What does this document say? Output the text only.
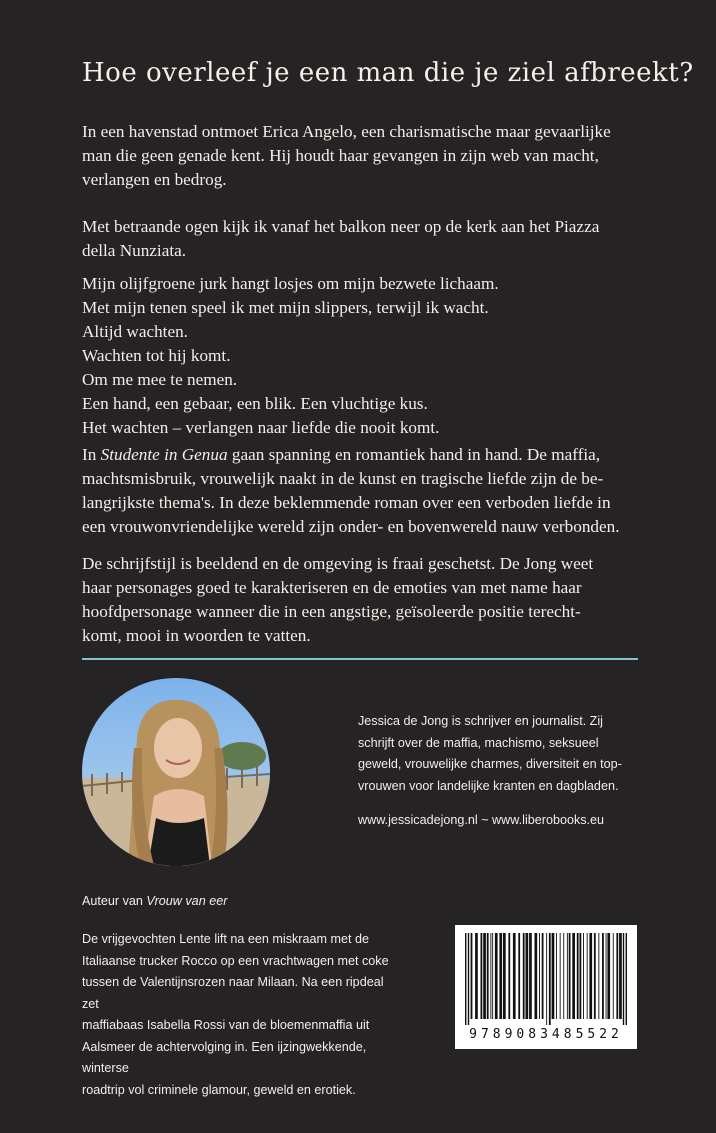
Hoe overleef je een man die je ziel afbreekt?

In een havenstad ontmoet Erica Angelo, een charismatische maar gevaarlijke

man die geen genade kent. Hij houdt haar gevangen in zijn web van macht,

verlangen en bedrog.

Met betraande ogen kijk ik vanaf het balkon neer op de kerk aan het Piazza

della Nunziata.

Mijn olijfgroene jurk hangt losjes om mijn bezwete lichaam.

Met mijn tenen speel ik met mijn slippers, terwijl ik wacht.

Altijd wachten.

Wachten tot hij komt.

Om me mee te nemen.

Een hand, een gebaar, een blik. Een vluchtige kus.

Het wachten – verlangen naar liefde die nooit komt.

In Studente in Genua gaan spanning en romantiek hand in hand. De maffia,

machtsmisbruik, vrouwelijk naakt in de kunst en tragische liefde zijn de be-

langrijkste thema's. In deze beklemmende roman over een verboden liefde in

een vrouwonvriendelijke wereld zijn onder- en bovenwereld nauw verbonden.

De schrijfstijl is beeldend en de omgeving is fraai geschetst. De Jong weet

haar personages goed te karakteriseren en de emoties van met name haar

hoofdpersonage wanneer die in een angstige, geïsoleerde positie terecht-

komt, mooi in woorden te vatten.

Jessica de Jong is schrijver en journalist. Zij
schrijft over de maffia, machismo, seksueel
geweld, vrouwelijke charmes, diversiteit en top-
vrouwen voor landelijke kranten en dagbladen.
www.jessicadejong.nl ~ www.liberobooks.eu
Auteur van Vrouw van eer
De vrijgevochten Lente lift na een miskraam met de
Italiaanse trucker Rocco op een vrachtwagen met coke
tussen de Valentijnsrozen naar Milaan. Na een ripdeal zet
maffiabaas Isabella Rossi van de bloemenmaffia uit
Aalsmeer de achtervolging in. Een ijzingwekkende, winterse
roadtrip vol criminele glamour, geweld en erotiek.
9789083485522
